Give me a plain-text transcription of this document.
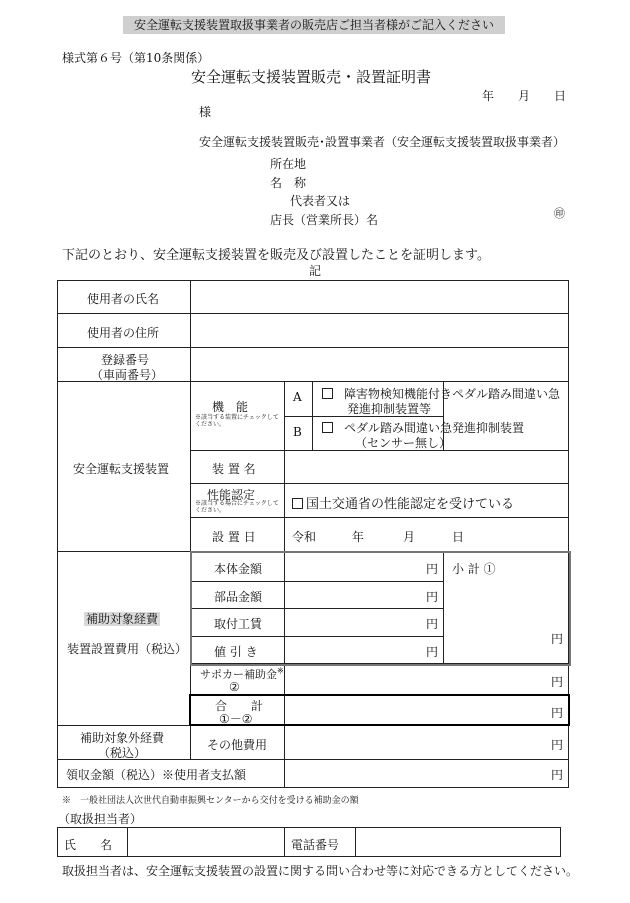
安全運転支援装置取扱事業者の販売店ご担当者様がご記入ください
様式第６号（第10条関係）
安全運転支援装置販売・設置証明書
年 月 日
様
安全運転支援装置販売･設置事業者（安全運転支援装置取扱事業者）
所在地
名　称
代表者又は
店長（営業所長）名	㊞
下記のとおり、安全運転支援装置を販売及び設置したことを証明します。
記
使用者の氏名
使用者の住所
登録番号
（車両番号）
安全運転支援装置
機　能
※該当する装置にチェックしてください。
A	障害物検知機能付きペダル踏み間違い急
発進抑制装置等
B	ペダル踏み間違い急発進抑制装置
（センサー無し）
装 置 名
性能認定
※該当する場合にチェックしてください。	国土交通省の性能認定を受けている
設 置 日	令和	年	月	日
補助対象経費
装置設置費用（税込）
本体金額	円
部品金額	円
取付工賃	円
値 引 き	円
小 計 ①
円
サポカー補助金※
②	円
合　　計
①－②	円
補助対象外経費
（税込）
その他費用	円
領収金額（税込）※使用者支払額	円
※　一般社団法人次世代自動車振興センターから交付を受ける補助金の額
（取扱担当者）
氏　　名	電話番号
取扱担当者は、安全運転支援装置の設置に関する問い合わせ等に対応できる方としてください。
